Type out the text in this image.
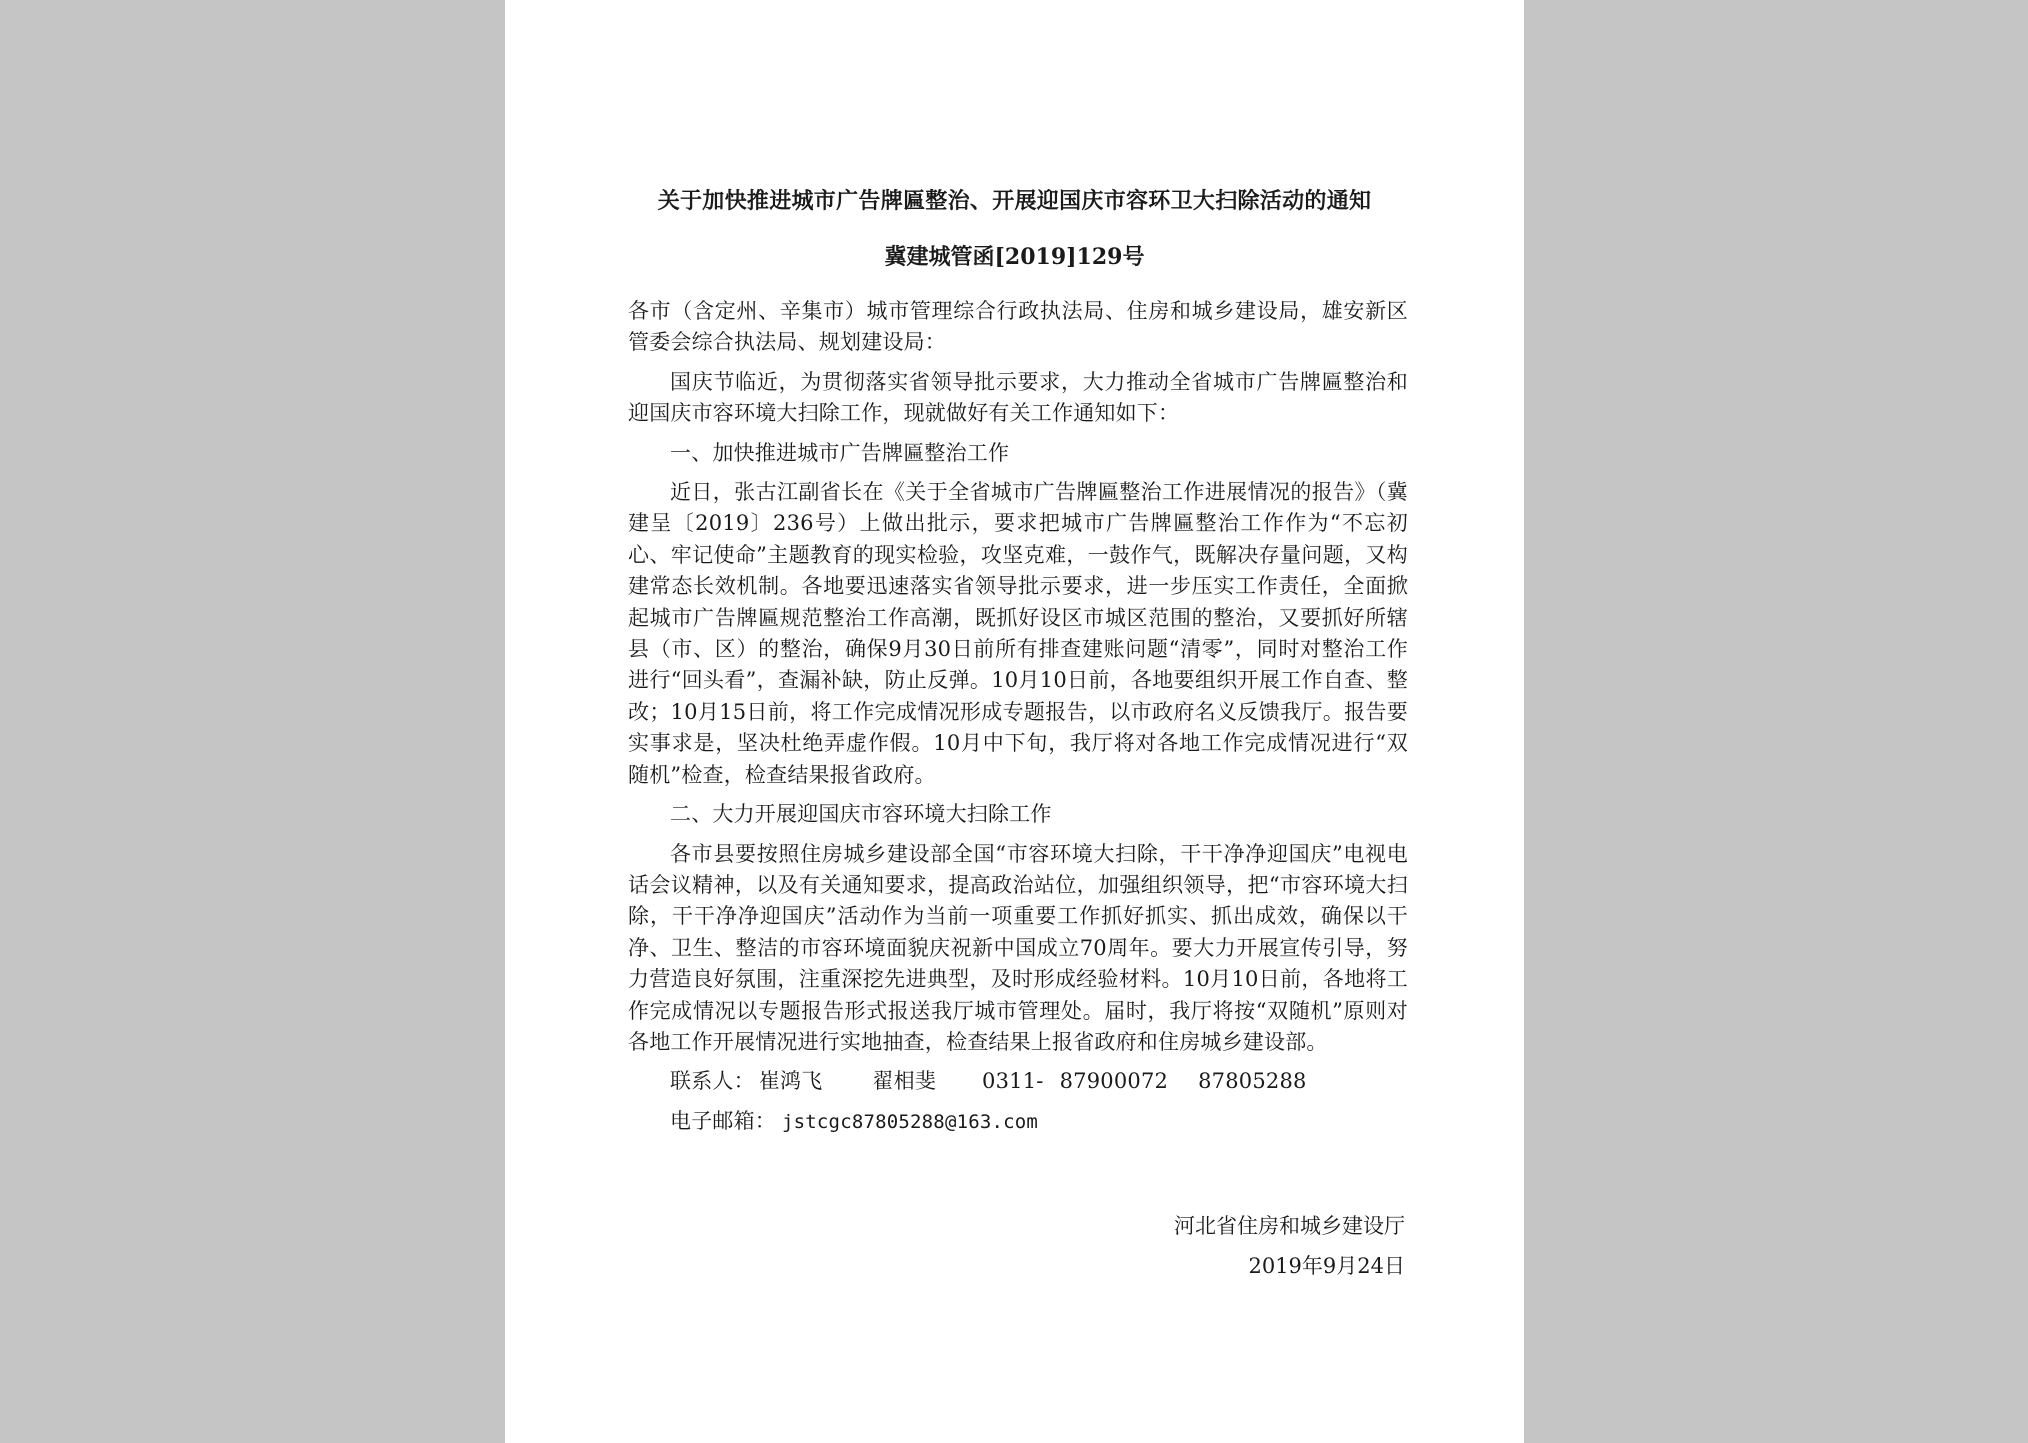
关于加快推进城市广告牌匾整治、开展迎国庆市容环卫大扫除活动的通知
冀建城管函[2019]129号

各市（含定州、辛集市）城市管理综合行政执法局、住房和城乡建设局，雄安新区管委会综合执法局、规划建设局：

国庆节临近，为贯彻落实省领导批示要求，大力推动全省城市广告牌匾整治和迎国庆市容环境大扫除工作，现就做好有关工作通知如下：

一、加快推进城市广告牌匾整治工作

近日，张古江副省长在《关于全省城市广告牌匾整治工作进展情况的报告》（冀建呈〔2019〕236号）上做出批示，要求把城市广告牌匾整治工作作为“不忘初心、牢记使命”主题教育的现实检验，攻坚克难，一鼓作气，既解决存量问题，又构建常态长效机制。各地要迅速落实省领导批示要求，进一步压实工作责任，全面掀起城市广告牌匾规范整治工作高潮，既抓好设区市城区范围的整治，又要抓好所辖县（市、区）的整治，确保9月30日前所有排查建账问题“清零”，同时对整治工作进行“回头看”，查漏补缺，防止反弹。10月10日前，各地要组织开展工作自查、整改；10月15日前，将工作完成情况形成专题报告，以市政府名义反馈我厅。报告要实事求是，坚决杜绝弄虚作假。10月中下旬，我厅将对各地工作完成情况进行“双随机”检查，检查结果报省政府。

二、大力开展迎国庆市容环境大扫除工作

各市县要按照住房城乡建设部全国“市容环境大扫除，干干净净迎国庆”电视电话会议精神，以及有关通知要求，提高政治站位，加强组织领导，把“市容环境大扫除，干干净净迎国庆”活动作为当前一项重要工作抓好抓实、抓出成效，确保以干净、卫生、整洁的市容环境面貌庆祝新中国成立70周年。要大力开展宣传引导，努力营造良好氛围，注重深挖先进典型，及时形成经验材料。10月10日前，各地将工作完成情况以专题报告形式报送我厅城市管理处。届时，我厅将按“双随机”原则对各地工作开展情况进行实地抽查，检查结果上报省政府和住房城乡建设部。

联系人： 崔鸿飞 翟相斐 0311- 87900072 87805288
电子邮箱： jstcgc87805288@163.com
河北省住房和城乡建设厅
2019年9月24日
